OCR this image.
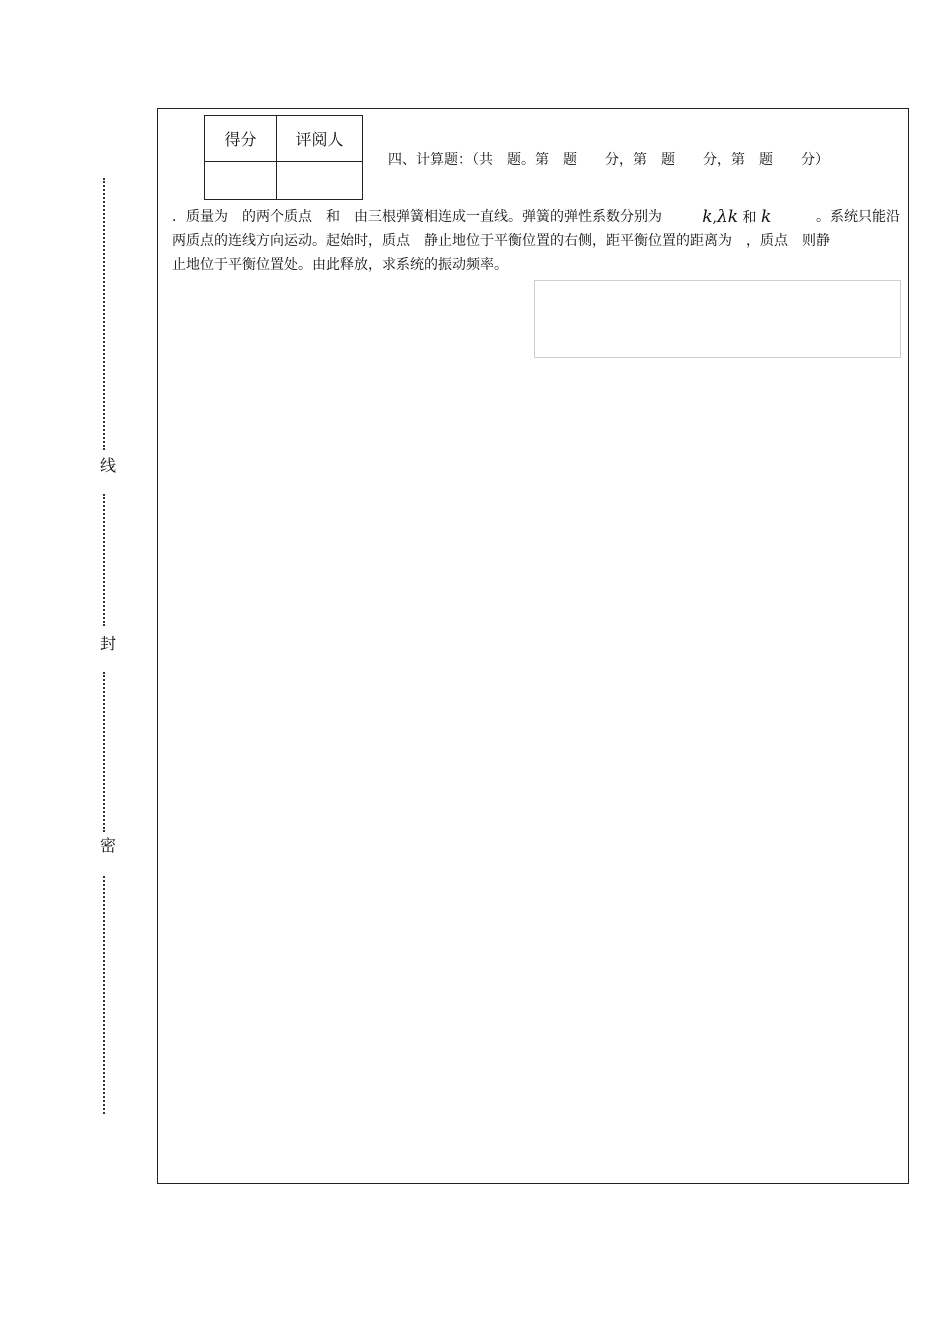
线
封
密
得分	评阅人

四、计算题：（共　题。第　题　　分，第　题　　分，第　题　　分）
．质量为　的两个质点　和　由三根弹簧相连成一直线。弹簧的弹性系数分别为 k,λk 和 k	。系统只能沿
两质点的连线方向运动。起始时，质点　静止地位于平衡位置的右侧，距平衡位置的距离为　，质点　则静
止地位于平衡位置处。由此释放，求系统的振动频率。
